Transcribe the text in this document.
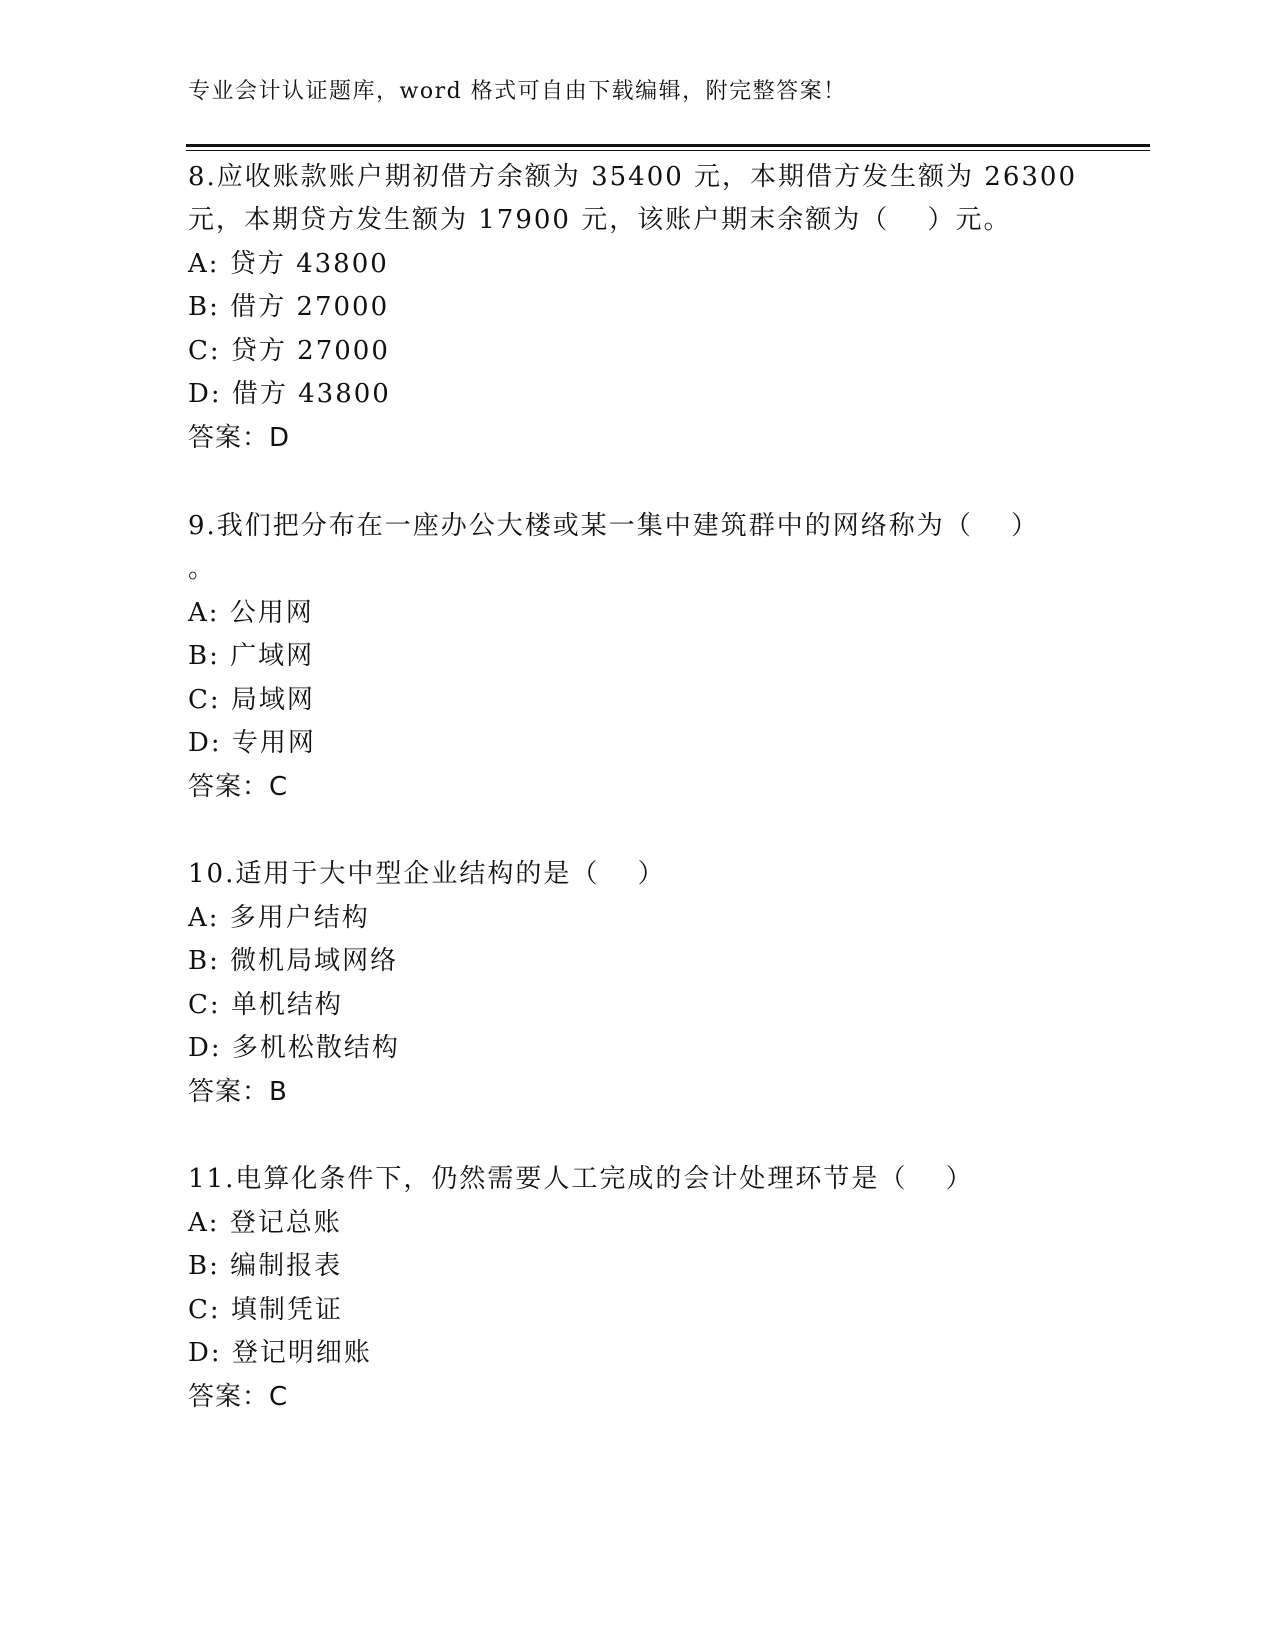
专业会计认证题库，word 格式可自由下载编辑，附完整答案！
8.应收账款账户期初借方余额为 35400 元，本期借方发生额为 26300
元，本期贷方发生额为 17900 元，该账户期末余额为（　 ）元。
A: 贷方 43800
B: 借方 27000
C: 贷方 27000
D: 借方 43800
答案：D
9.我们把分布在一座办公大楼或某一集中建筑群中的网络称为（　 ）
。
A: 公用网
B: 广域网
C: 局域网
D: 专用网
答案：C
10.适用于大中型企业结构的是（　 ）
A: 多用户结构
B: 微机局域网络
C: 单机结构
D: 多机松散结构
答案：B
11.电算化条件下，仍然需要人工完成的会计处理环节是（　 ）
A: 登记总账
B: 编制报表
C: 填制凭证
D: 登记明细账
答案：C
